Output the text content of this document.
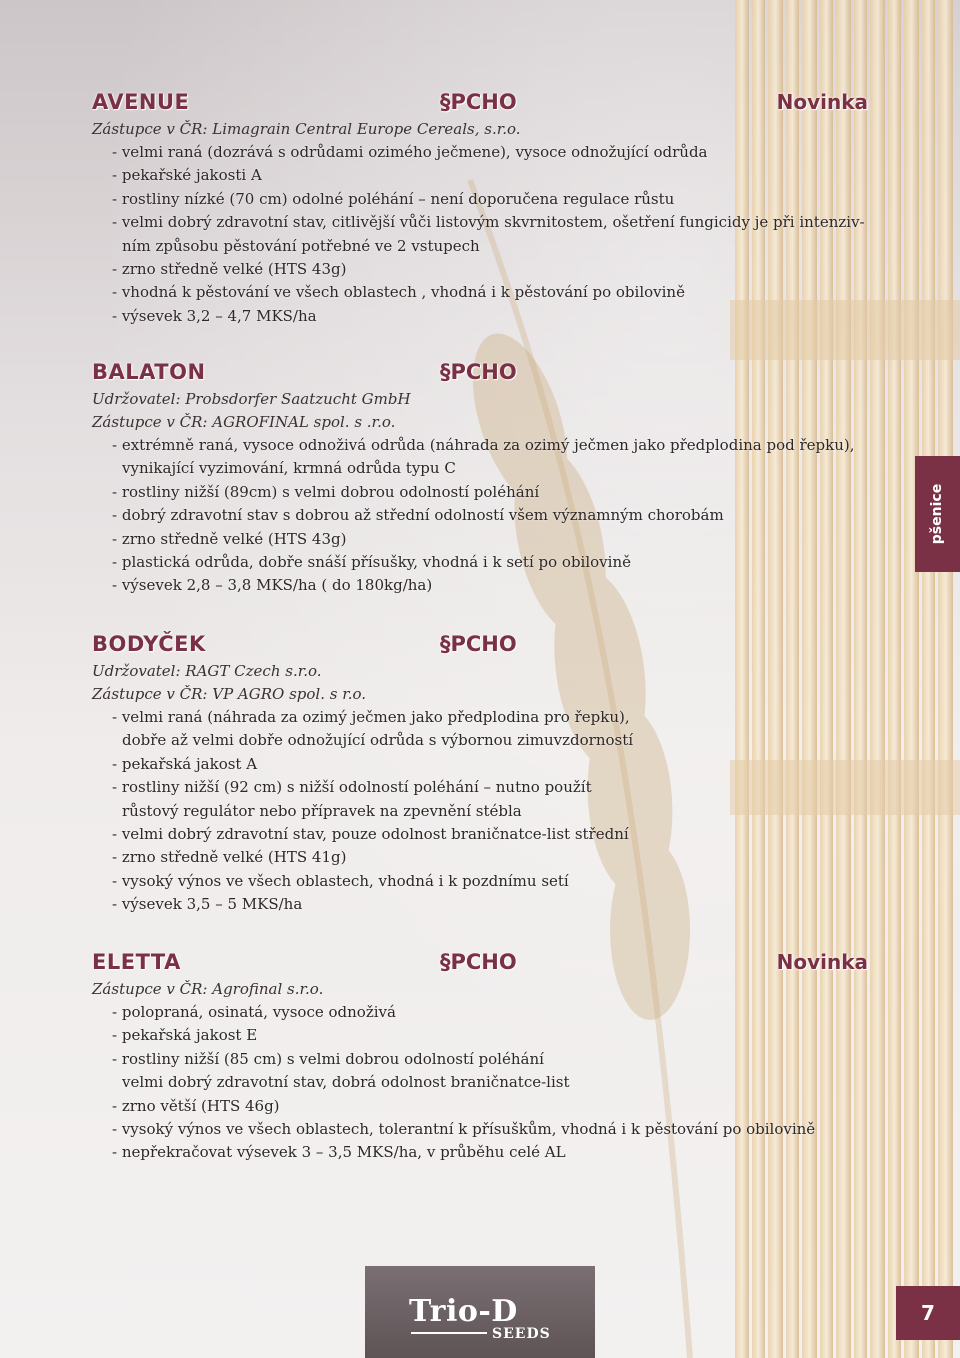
AVENUE	§PCHO	Novinka

Zástupce v ČR: Limagrain Central Europe Cereals, s.r.o.

- velmi raná (dozrává s odrůdami ozimého ječmene), vysoce odnožující odrůda
- pekařské jakosti A
- rostliny nízké (70 cm) odolné poléhání – není doporučena regulace růstu
- velmi dobrý zdravotní stav, citlivější vůči listovým skvrnitostem, ošetření fungicidy je při intenziv-
ním způsobu pěstování potřebné ve 2 vstupech
- zrno středně velké (HTS 43g)
- vhodná k pěstování ve všech oblastech , vhodná i k pěstování po obilovině
- výsevek 3,2 – 4,7 MKS/ha
BALATON	§PCHO

Udržovatel: Probsdorfer Saatzucht GmbH

Zástupce v ČR: AGROFINAL spol. s .r.o.

- extrémně raná, vysoce odnoživá odrůda (náhrada za ozimý ječmen jako předplodina pod řepku),
vynikající vyzimování, krmná odrůda typu C
- rostliny nižší (89cm) s velmi dobrou odolností poléhání
- dobrý zdravotní stav s dobrou až střední odolností všem významným chorobám
- zrno středně velké (HTS 43g)
- plastická odrůda, dobře snáší přísušky, vhodná i k setí po obilovině
- výsevek 2,8 – 3,8 MKS/ha ( do 180kg/ha)
BODYČEK	§PCHO

Udržovatel: RAGT Czech s.r.o.

Zástupce v ČR: VP AGRO spol. s r.o.

- velmi raná (náhrada za ozimý ječmen jako předplodina pro řepku),
dobře až velmi dobře odnožující odrůda s výbornou zimuvzdorností
- pekařská jakost A
- rostliny nižší (92 cm) s nižší odolností poléhání – nutno použít
růstový regulátor nebo přípravek na zpevnění stébla
- velmi dobrý zdravotní stav, pouze odolnost braničnatce-list střední
- zrno středně velké (HTS 41g)
- vysoký výnos ve všech oblastech, vhodná i k pozdnímu setí
- výsevek 3,5 – 5 MKS/ha
ELETTA	§PCHO	Novinka

Zástupce v ČR: Agrofinal s.r.o.

- polopraná, osinatá, vysoce odnoživá
- pekařská jakost E
- rostliny nižší (85 cm) s velmi dobrou odolností poléhání
velmi dobrý zdravotní stav, dobrá odolnost braničnatce-list
- zrno větší (HTS 46g)
- vysoký výnos ve všech oblastech, tolerantní k přísuškům, vhodná i k pěstování po obilovině
- nepřekračovat výsevek 3 – 3,5 MKS/ha, v průběhu celé AL
pšenice
Trio-D
SEEDS
7
